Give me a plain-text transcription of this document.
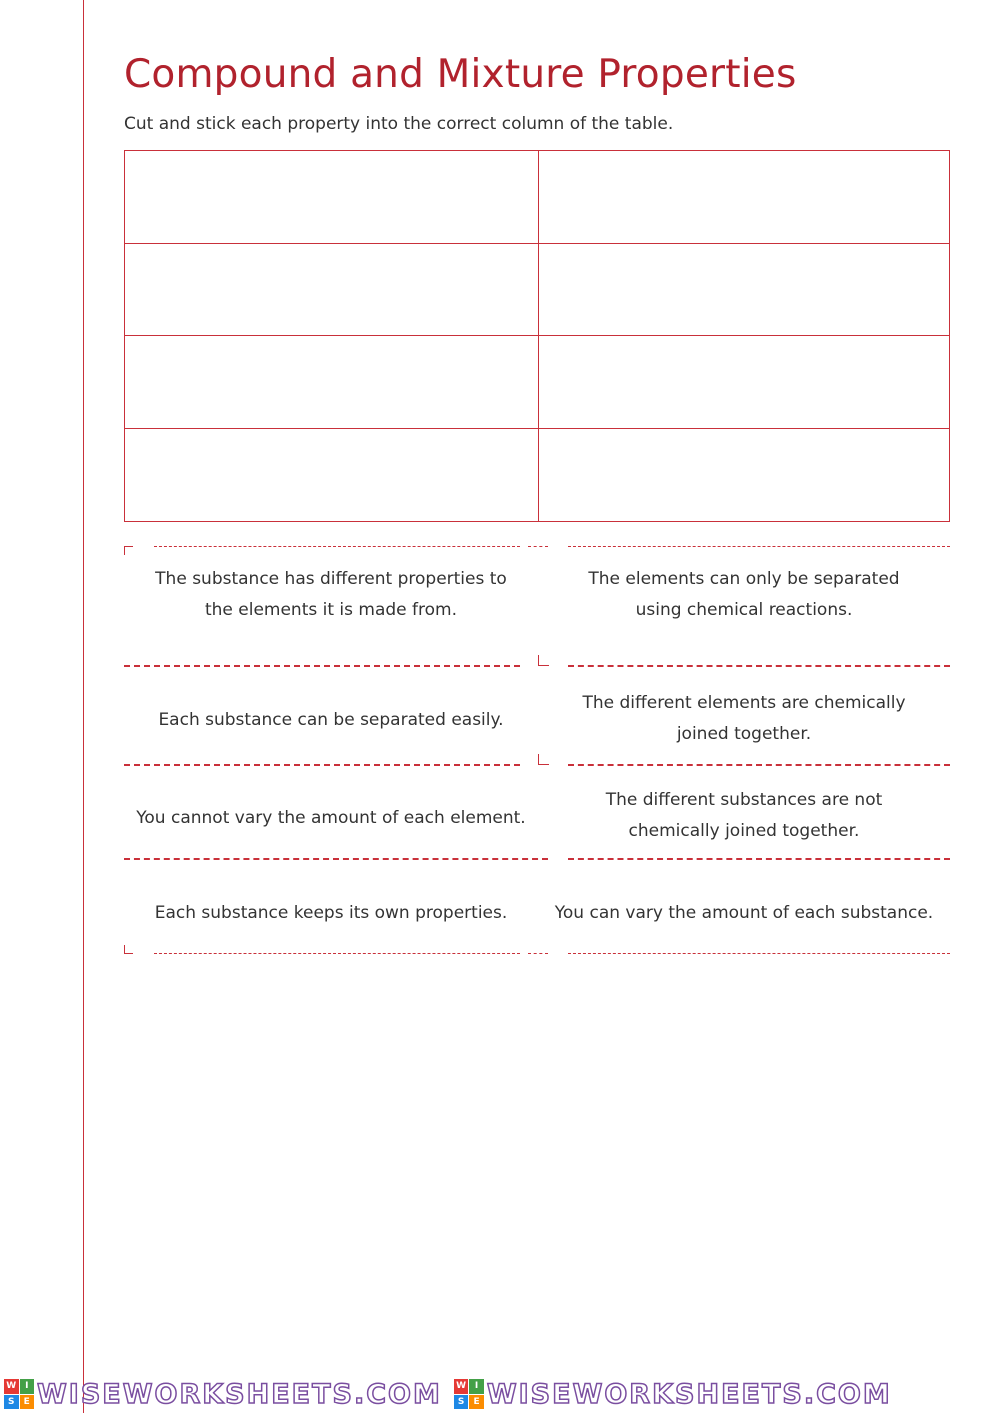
Compound and Mixture Properties

Cut and stick each property into the correct column of the table.

The substance has different properties to
the elements it is made from.
The elements can only be separated
using chemical reactions.
Each substance can be separated easily.
The different elements are chemically
joined together.
You cannot vary the amount of each element.
The different substances are not
chemically joined together.
Each substance keeps its own properties.	You can vary the amount of each substance.
W I
S	E WISEWORKSHEETS.COM W I
S	E WISEWORKSHEETS.COM
